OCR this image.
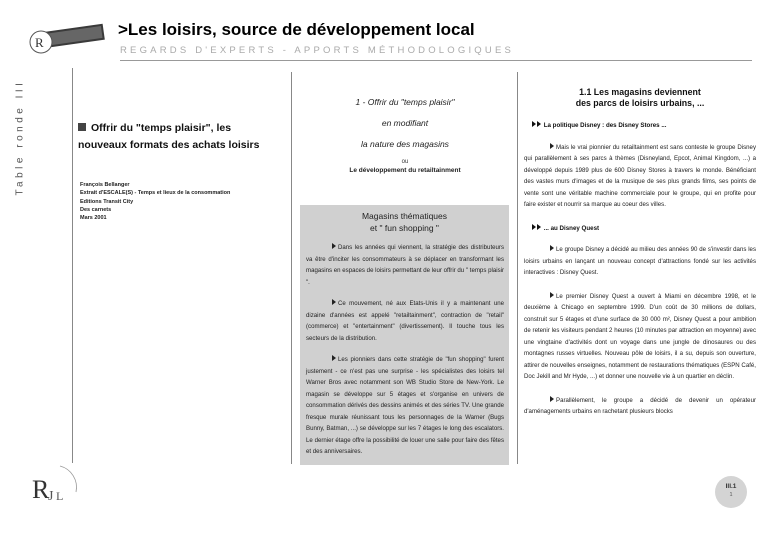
R
>Les loisirs, source de développement local
REGARDS D'EXPERTS - APPORTS MÉTHODOLOGIQUES
Table ronde III	Offrir du "temps plaisir", les nouveaux formats des achats loisirs
François Bellanger
Extrait d'ESCALE(S) - Temps et lieux de la consommation
Editions Transit City
Des carnets
Mars 2001
1 - Offrir du "temps plaisir"
en modifiant
la nature des magasins
ou
Le développement du retailtainment
Magasins thématiques
et " fun shopping "

Dans les années qui viennent, la stratégie des distributeurs va être d'inciter les consommateurs à se déplacer en transformant les magasins en espaces de loisirs permettant de leur offrir du " temps plaisir ".

Ce mouvement, né aux Etats-Unis il y a maintenant une dizaine d'années est appelé "retailtainment", contraction de "retail" (commerce) et "entertainment" (divertissement). Il touche tous les secteurs de la distribution.

Les pionniers dans cette stratégie de "fun shopping" furent justement - ce n'est pas une surprise - les spécialistes des loisirs tel Warner Bros avec notamment son WB Studio Store de New-York. Le magasin se développe sur 5 étages et s'organise en univers de consommation dérivés des dessins animés et des séries TV. Une grande fresque murale réunissant tous les personnages de la Warner (Bugs Bunny, Batman, ...) se développe sur les 7 étages le long des escalators. Le dernier étage offre la possibilité de louer une salle pour faire des fêtes et des anniversaires.

1.1 Les magasins deviennent
des parcs de loisirs urbains, ...

La politique Disney : des Disney Stores ...

Mais le vrai pionnier du retailtainment est sans conteste le groupe Disney qui parallèlement à ses parcs à thèmes (Disneyland, Epcot, Animal Kingdom, ...) a développé depuis 1989 plus de 600 Disney Stores à travers le monde. Bénéficiant des vastes murs d'images et de la musique de ses plus grands films, ses points de vente sont une véritable machine commerciale pour le groupe, qui en profite pour faire exister et nourrir sa marque au coeur des villes.

... au Disney Quest

Le groupe Disney a décidé au milieu des années 90 de s'investir dans les loisirs urbains en lançant un nouveau concept d'attractions fondé sur les activités interactives : Disney Quest.

Le premier Disney Quest a ouvert à Miami en décembre 1998, et le deuxième à Chicago en septembre 1999. D'un coût de 30 millions de dollars, construit sur 5 étages et d'une surface de 30 000 m², Disney Quest a pour ambition de retenir les visiteurs pendant 2 heures (10 minutes par attraction en moyenne) avec une vingtaine d'activités dont un voyage dans une jungle de dinosaures ou des montagnes russes virtuelles. Nouveau pôle de loisirs, il a su, depuis son ouverture, attirer de nouvelles enseignes, notamment de restaurations thématiques (ESPN Café, Doc Jekill and Mr Hyde, ...) et donner une nouvelle vie à un quartier en déclin.

Parallèlement, le groupe a décidé de devenir un opérateur d'aménagements urbains en rachetant plusieurs blocks

R
J L
III.1
1
